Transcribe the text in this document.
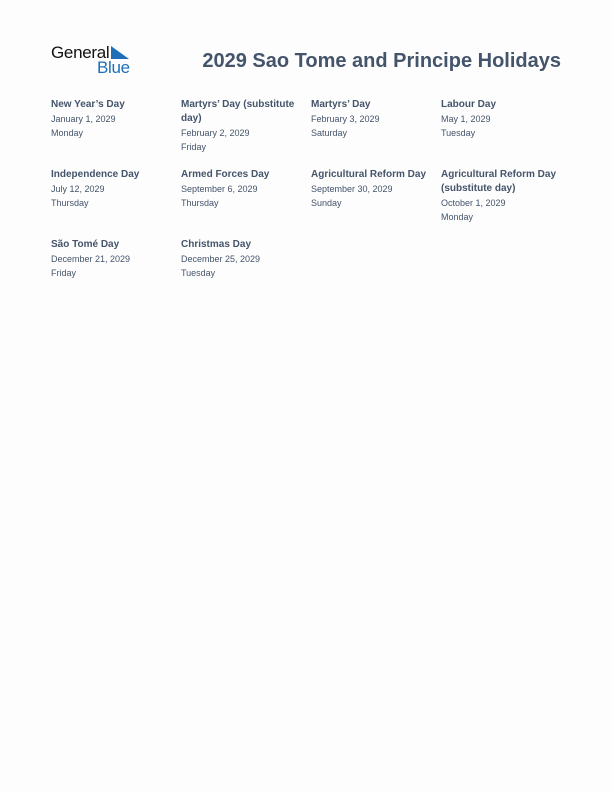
General
Blue	2029 Sao Tome and Principe Holidays
New Year’s Day
January 1, 2029
Monday
Martyrs’ Day (substitute day)
February 2, 2029
Friday
Martyrs’ Day
February 3, 2029
Saturday
Labour Day
May 1, 2029
Tuesday
Independence Day
July 12, 2029
Thursday
Armed Forces Day
September 6, 2029
Thursday
Agricultural Reform Day
September 30, 2029
Sunday
Agricultural Reform Day (substitute day)
October 1, 2029
Monday
São Tomé Day
December 21, 2029
Friday
Christmas Day
December 25, 2029
Tuesday
